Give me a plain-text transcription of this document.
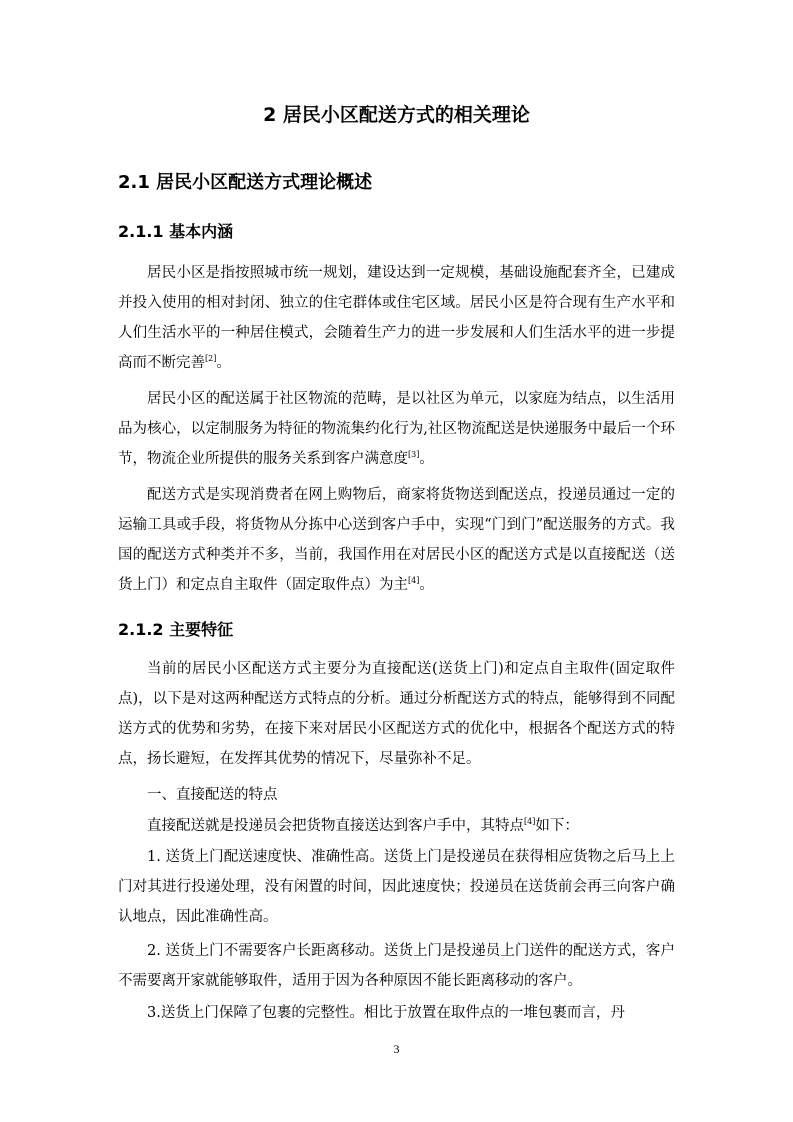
2 居民小区配送方式的相关理论
2.1 居民小区配送方式理论概述
2.1.1 基本内涵

居民小区是指按照城市统一规划，建设达到一定规模，基础设施配套齐全，已建成并投入使用的相对封闭、独立的住宅群体或住宅区域。居民小区是符合现有生产水平和人们生活水平的一种居住模式，会随着生产力的进一步发展和人们生活水平的进一步提高而不断完善[2]。

居民小区的配送属于社区物流的范畴，是以社区为单元，以家庭为结点，以生活用品为核心，以定制服务为特征的物流集约化行为,社区物流配送是快递服务中最后一个环节，物流企业所提供的服务关系到客户满意度[3]。

配送方式是实现消费者在网上购物后，商家将货物送到配送点，投递员通过一定的运输工具或手段，将货物从分拣中心送到客户手中，实现“门到门”配送服务的方式。我国的配送方式种类并不多，当前，我国作用在对居民小区的配送方式是以直接配送（送货上门）和定点自主取件（固定取件点）为主[4]。

2.1.2 主要特征

当前的居民小区配送方式主要分为直接配送(送货上门)和定点自主取件(固定取件点)，以下是对这两种配送方式特点的分析。通过分析配送方式的特点，能够得到不同配送方式的优势和劣势，在接下来对居民小区配送方式的优化中，根据各个配送方式的特点，扬长避短，在发挥其优势的情况下，尽量弥补不足。

一、直接配送的特点

直接配送就是投递员会把货物直接送达到客户手中，其特点[4]如下：

1. 送货上门配送速度快、准确性高。送货上门是投递员在获得相应货物之后马上上门对其进行投递处理，没有闲置的时间，因此速度快；投递员在送货前会再三向客户确认地点，因此准确性高。

2. 送货上门不需要客户长距离移动。送货上门是投递员上门送件的配送方式，客户不需要离开家就能够取件，适用于因为各种原因不能长距离移动的客户。

3.送货上门保障了包裹的完整性。相比于放置在取件点的一堆包裹而言，丹

3
